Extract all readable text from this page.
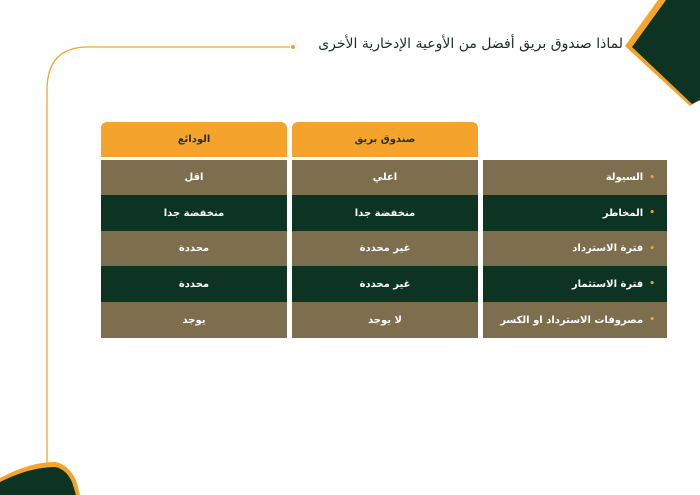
لماذا صندوق بريق أفضل من الأوعية الإدخارية الأخرى
الودائع	صندوق بريق
اقل	اعلي	• السيولة
منخفضة جدا	منخفضة جدا	• المخاطر
محددة	غير محددة	• فترة الاسترداد
محددة	غير محددة	• فترة الاستثمار
يوجد	لا يوجد	• مصروفات الاسترداد او الكسر
